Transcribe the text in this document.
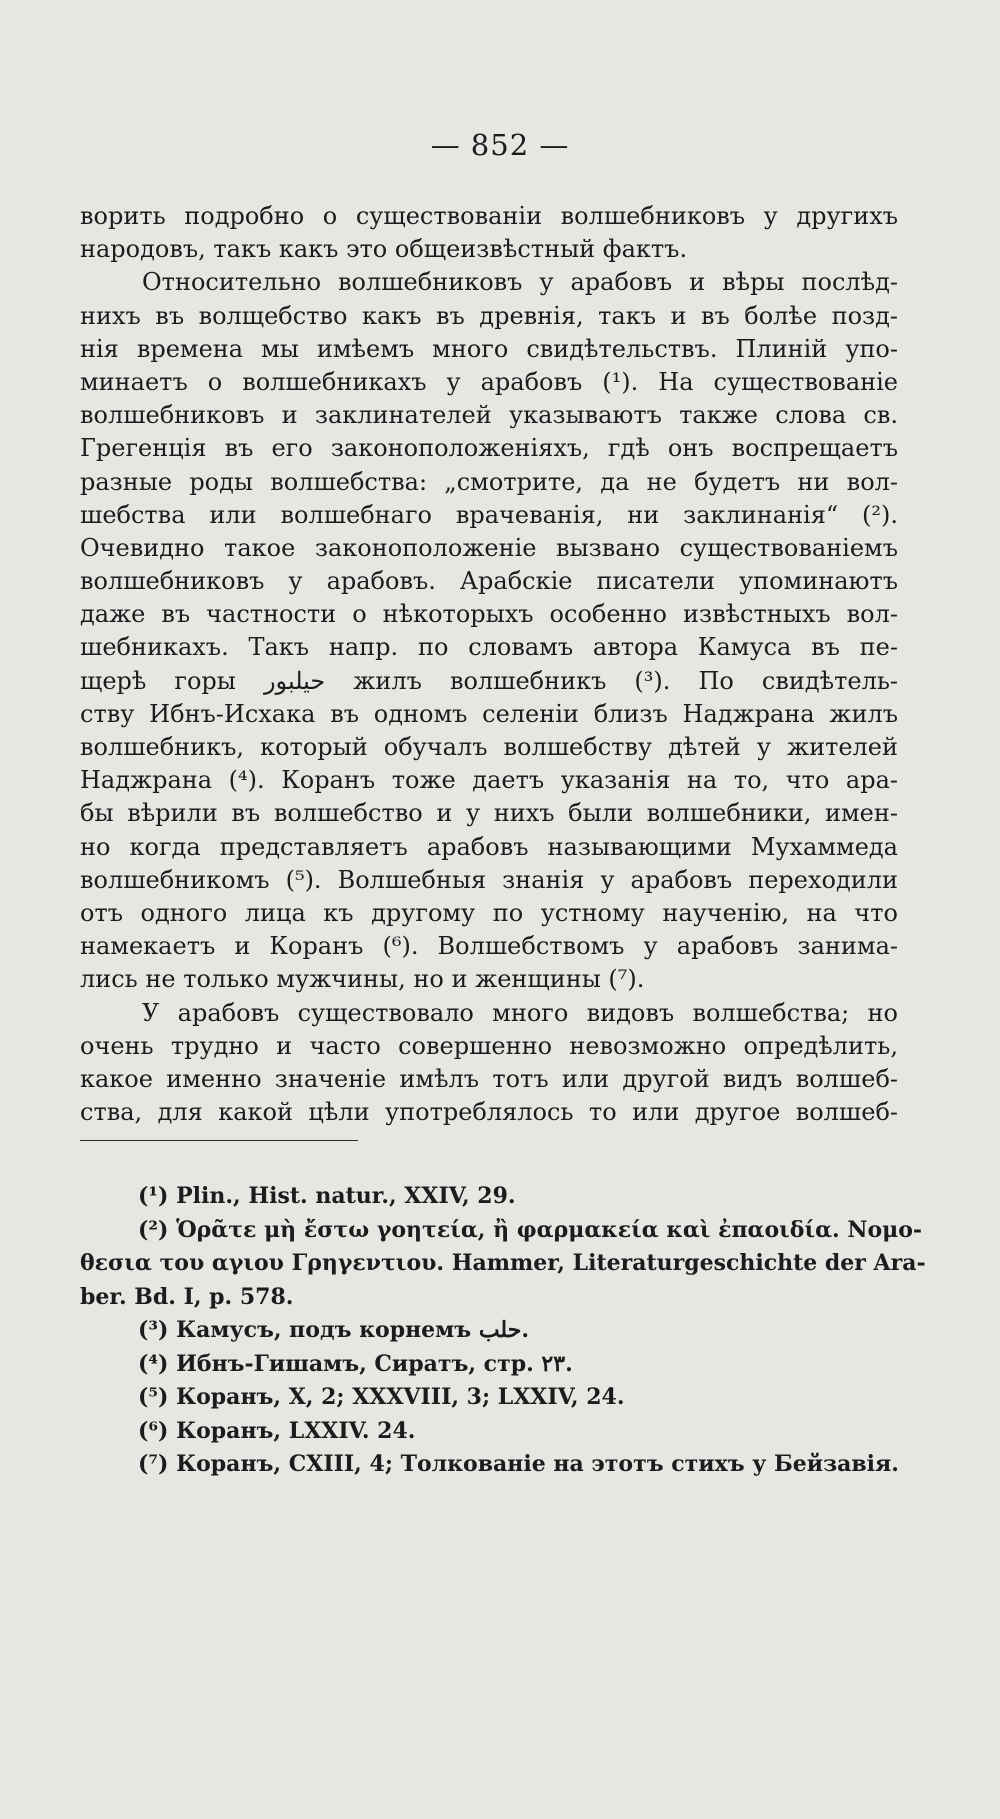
— 852 —
ворить подробно о существованіи волшебниковъ у другихъ
народовъ, такъ какъ это общеизвѣстный фактъ.
Относительно волшебниковъ у арабовъ и вѣры послѣд-
нихъ въ волщебство какъ въ древнія, такъ и въ болѣе позд-
нія времена мы имѣемъ много свидѣтельствъ. Плиній упо-
минаетъ о волшебникахъ у арабовъ (¹). На существованіе
волшебниковъ и заклинателей указываютъ также слова св.
Грегенція въ его законоположеніяхъ, гдѣ онъ воспрещаетъ
разные роды волшебства: „смотрите, да не будетъ ни вол-
шебства или волшебнаго врачеванія, ни заклинанія“ (²).
Очевидно такое законоположеніе вызвано существованіемъ
волшебниковъ у арабовъ. Арабскіе писатели упоминаютъ
даже въ частности о нѣкоторыхъ особенно извѣстныхъ вол-
шебникахъ. Такъ напр. по словамъ автора Камуса въ пе-
щерѣ горы حيلبور жилъ волшебникъ (³). По свидѣтель-
ству Ибнъ-Исхака въ одномъ селеніи близъ Наджрана жилъ
волшебникъ, который обучалъ волшебству дѣтей у жителей
Наджрана (⁴). Коранъ тоже даетъ указанія на то, что ара-
бы вѣрили въ волшебство и у нихъ были волшебники, имен-
но когда представляетъ арабовъ называющими Мухаммеда
волшебникомъ (⁵). Волшебныя знанія у арабовъ переходили
отъ одного лица къ другому по устному наученію, на что
намекаетъ и Коранъ (⁶). Волшебствомъ у арабовъ занима-
лись не только мужчины, но и женщины (⁷).
У арабовъ существовало много видовъ волшебства; но
очень трудно и часто совершенно невозможно опредѣлить,
какое именно значеніе имѣлъ тотъ или другой видъ волшеб-
ства, для какой цѣли употреблялось то или другое волшеб-
(¹) Plin., Hist. natur., XXIV, 29.
(²) Ὁρᾶτε μὴ ἔστω γοητεία, ἢ φαρμακεία καὶ ἐπαοιδία. Νομο-
θεσια του αγιου Γρηγεντιου. Hammer, Literaturgeschichte der Ara-
ber. Bd. I, p. 578.
(³) Камусъ, подъ корнемъ حلب.
(⁴) Ибнъ-Гишамъ, Сиратъ, стр. ٢٣.
(⁵) Коранъ, X, 2; XXXVIII, 3; LXXIV, 24.
(⁶) Коранъ, LXXIV. 24.
(⁷) Коранъ, CXIII, 4; Толкованіе на этотъ стихъ у Бейзавія.
